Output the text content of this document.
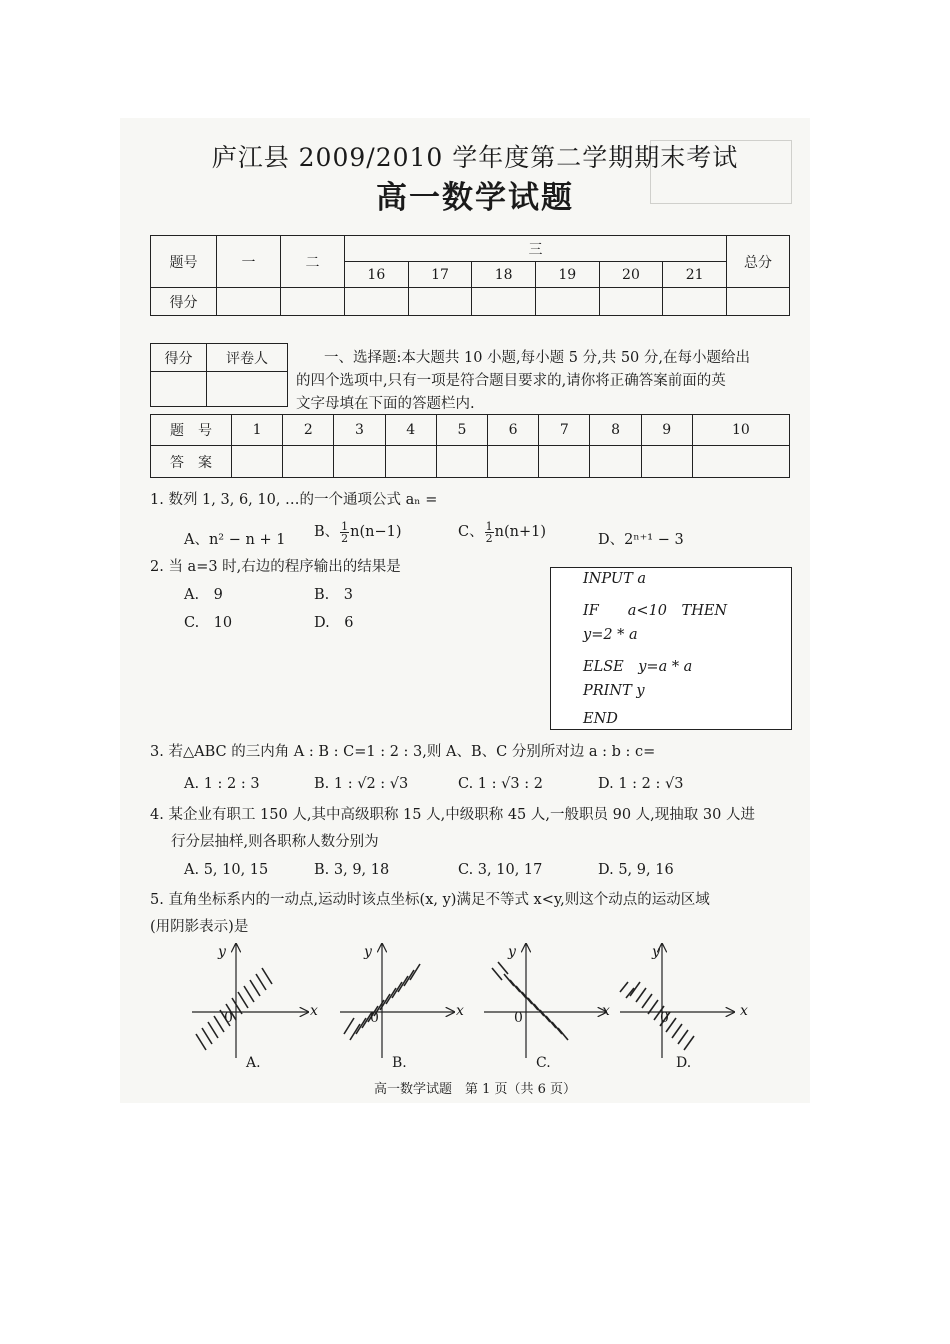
庐江县 2009/2010 学年度第二学期期末考试
高一数学试题
题号	一	二	三						总分
			16	17	18	19	20	21	
得分									
得分	评卷人
		一、选择题:本大题共 10 小题,每小题 5 分,共 50 分,在每小题给出
的四个选项中,只有一项是符合题目要求的,请你将正确答案前面的英
文字母填在下面的答题栏内.
题　号	1	2	3	4	5	6	7	8	9	10
答　案										
1. 数列 1, 3, 6, 10, …的一个通项公式 aₙ =
A、n² − n + 1 B、 $\frac{1}{2} n(n-1)$	C、 $\frac{1}{2} n(n+1)$	D、2ⁿ⁺¹ − 3
2. 当 a=3 时,右边的程序输出的结果是
A.　9	B.　3
C.　10	D.　6
INPUT a
IF　　a<10　THEN
y=2 * a
ELSE　y=a * a
PRINT y
END
3. 若△ABC 的三内角 A : B : C=1 : 2 : 3,则 A、B、C 分别所对边 a : b : c=
A. 1 : 2 : 3	B. 1 : √2 : √3	C. 1 : √3 : 2	D. 1 : 2 : √3
4. 某企业有职工 150 人,其中高级职称 15 人,中级职称 45 人,一般职员 90 人,现抽取 30 人进
行分层抽样,则各职称人数分别为
A. 5, 10, 15	B. 3, 9, 18	C. 3, 10, 17	D. 5, 9, 16
5. 直角坐标系内的一动点,运动时该点坐标(x, y)满足不等式 x<y,则这个动点的运动区域
(用阴影表示)是
y
x
0
A.
y
x
0
B.
y
x
0
C.
y
x
0
D.
高一数学试题　第 1 页（共 6 页）
